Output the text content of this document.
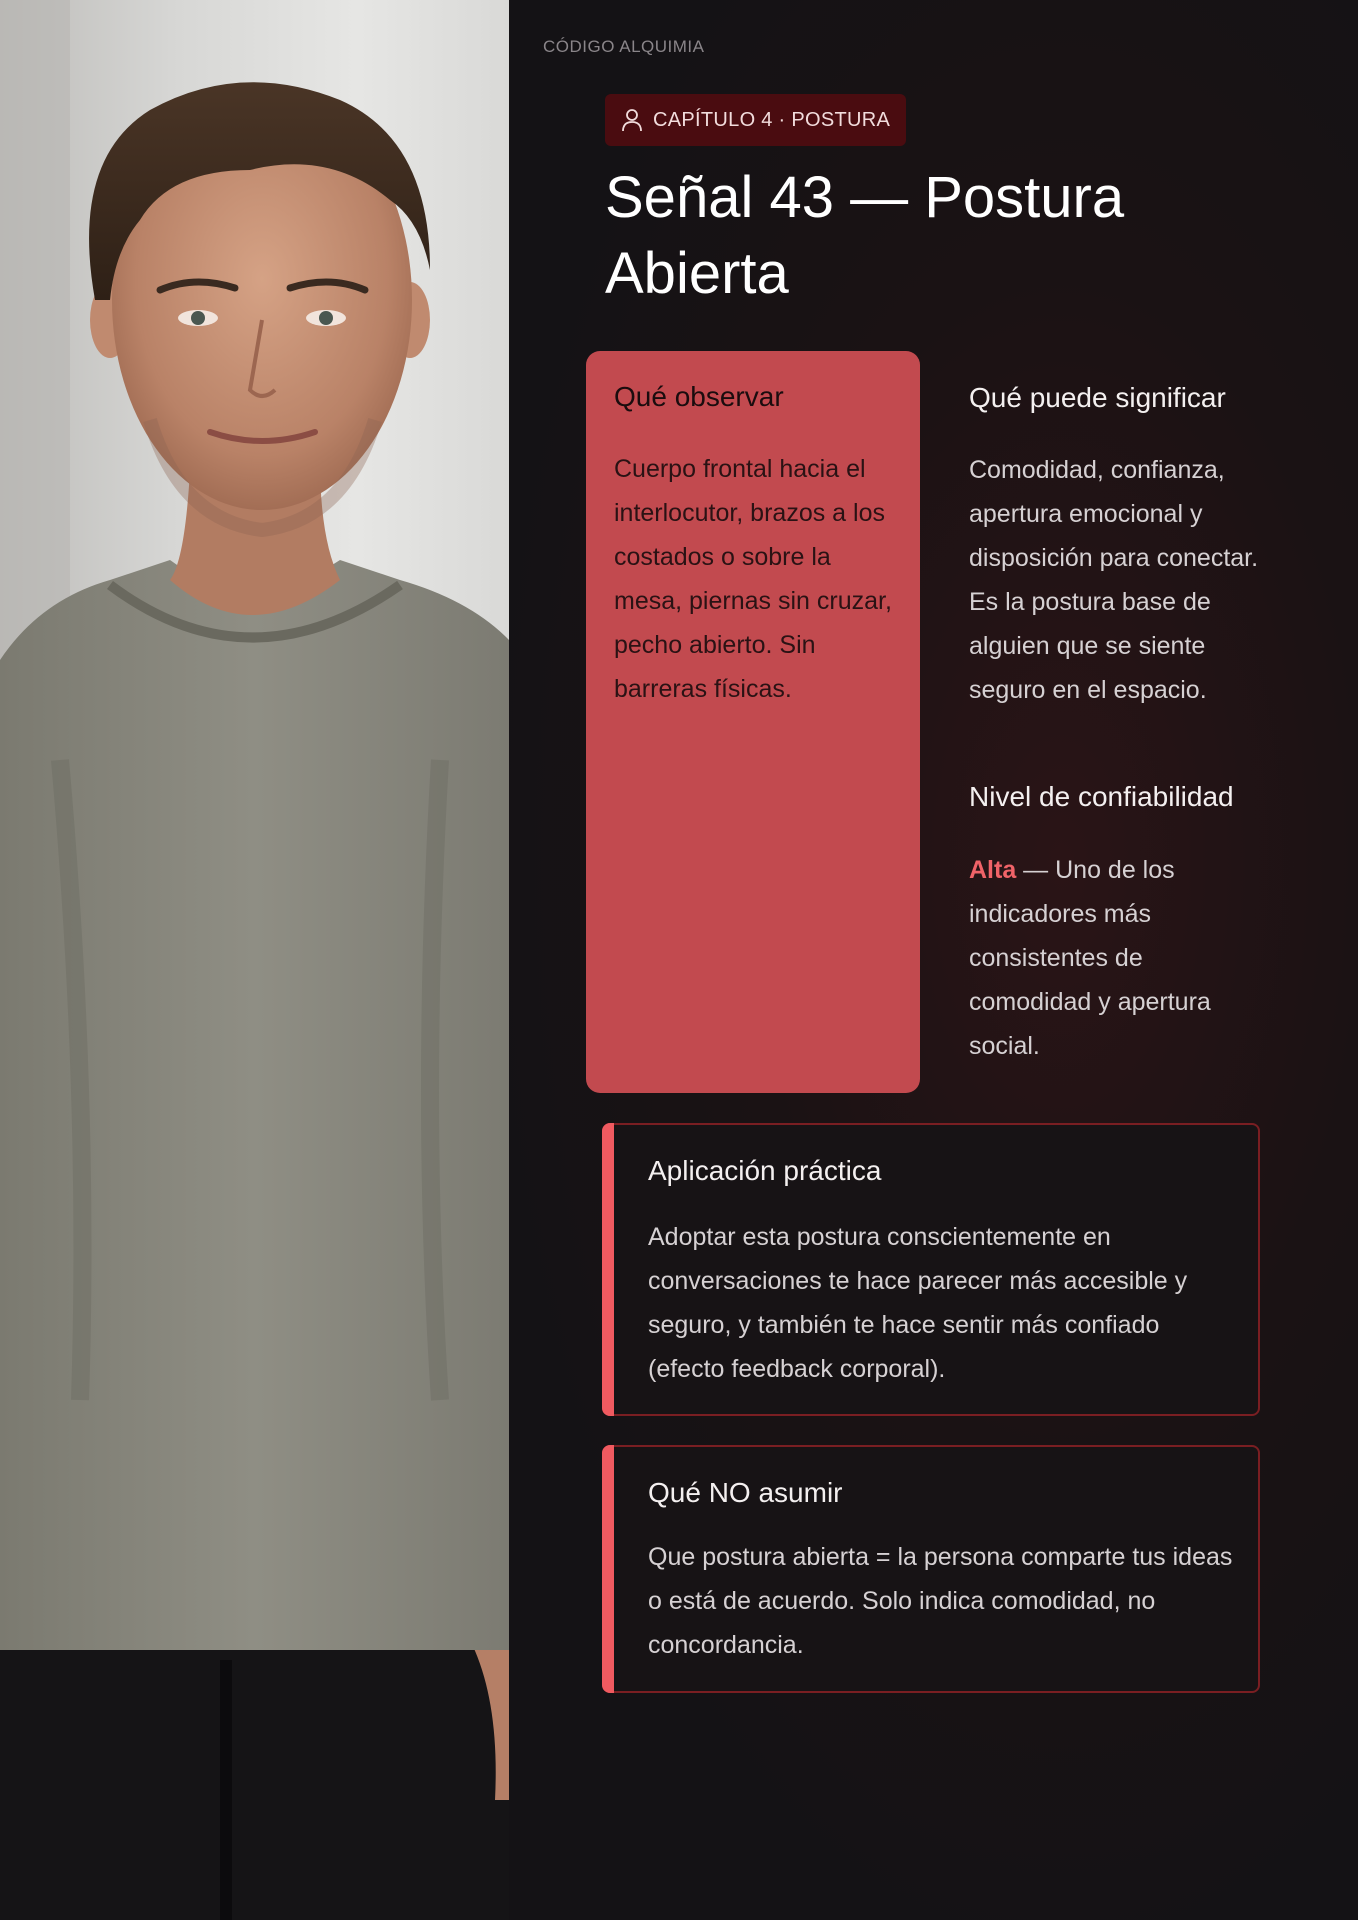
CÓDIGO ALQUIMIA
CAPÍTULO 4 · POSTURA
Señal 43 — Postura Abierta
Qué observar

Cuerpo frontal hacia el interlocutor, brazos a los costados o sobre la mesa, piernas sin cruzar, pecho abierto. Sin barreras físicas.

Qué puede significar

Comodidad, confianza, apertura emocional y disposición para conectar. Es la postura base de alguien que se siente seguro en el espacio.

Nivel de confiabilidad

Alta — Uno de los indicadores más consistentes de comodidad y apertura social.

Aplicación práctica

Adoptar esta postura conscientemente en conversaciones te hace parecer más accesible y seguro, y también te hace sentir más confiado (efecto feedback corporal).

Qué NO asumir

Que postura abierta = la persona comparte tus ideas o está de acuerdo. Solo indica comodidad, no concordancia.
